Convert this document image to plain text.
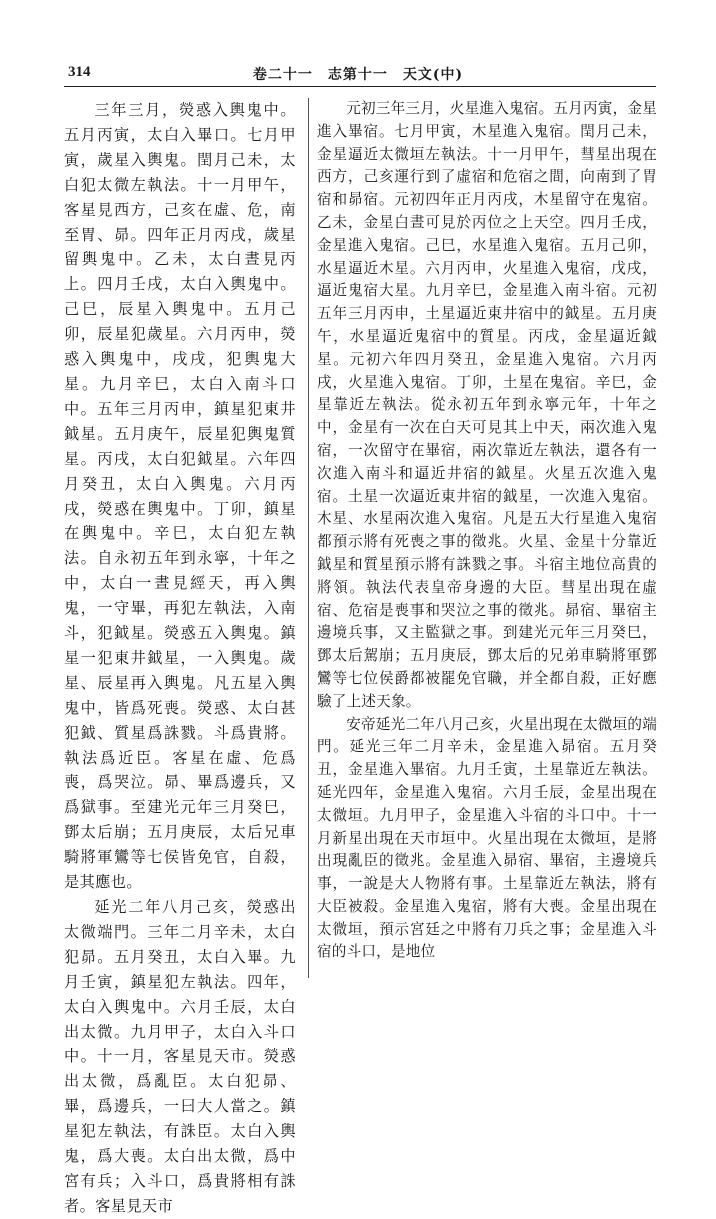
314	卷二十一　志第十一　天文(中)

三年三月，熒惑入輿鬼中。五月丙寅，太白入畢口。七月甲寅，歲星入輿鬼。閏月己未，太白犯太微左執法。十一月甲午，客星見西方，己亥在虛、危，南至胃、昴。四年正月丙戌，歲星留輿鬼中。乙未，太白晝見丙上。四月壬戌，太白入輿鬼中。己巳，辰星入輿鬼中。五月己卯，辰星犯歲星。六月丙申，熒惑入輿鬼中，戌戌，犯輿鬼大星。九月辛巳，太白入南斗口中。五年三月丙申，鎮星犯東井鉞星。五月庚午，辰星犯輿鬼質星。丙戌，太白犯鉞星。六年四月癸丑，太白入輿鬼。六月丙戌，熒惑在輿鬼中。丁卯，鎮星在輿鬼中。辛巳，太白犯左執法。自永初五年到永寧，十年之中，太白一晝見經天，再入輿鬼，一守畢，再犯左執法，入南斗，犯鉞星。熒惑五入輿鬼。鎮星一犯東井鉞星，一入輿鬼。歲星、辰星再入輿鬼。凡五星入輿鬼中，皆爲死喪。熒惑、太白甚犯鉞、質星爲誅戮。斗爲貴將。執法爲近臣。客星在虛、危爲喪，爲哭泣。昴、畢爲邊兵，又爲獄事。至建光元年三月癸巳，鄧太后崩；五月庚辰，太后兄車騎將軍鸞等七侯皆免官，自殺，是其應也。

延光二年八月己亥，熒惑出太微端門。三年二月辛未，太白犯昴。五月癸丑，太白入畢。九月壬寅，鎮星犯左執法。四年，太白入輿鬼中。六月壬辰，太白出太微。九月甲子，太白入斗口中。十一月，客星見天市。熒惑出太微，爲亂臣。太白犯昴、畢，爲邊兵，一曰大人當之。鎮星犯左執法，有誅臣。太白入輿鬼，爲大喪。太白出太微，爲中宮有兵；入斗口，爲貴將相有誅者。客星見天市

元初三年三月，火星進入鬼宿。五月丙寅，金星進入畢宿。七月甲寅，木星進入鬼宿。閏月己未，金星逼近太微垣左執法。十一月甲午，彗星出現在西方，己亥運行到了虛宿和危宿之間，向南到了胃宿和昴宿。元初四年正月丙戌，木星留守在鬼宿。乙未，金星白晝可見於丙位之上天空。四月壬戌，金星進入鬼宿。己巳，水星進入鬼宿。五月己卯，水星逼近木星。六月丙申，火星進入鬼宿，戊戌，逼近鬼宿大星。九月辛巳，金星進入南斗宿。元初五年三月丙申，土星逼近東井宿中的鉞星。五月庚午，水星逼近鬼宿中的質星。丙戌，金星逼近鉞星。元初六年四月癸丑，金星進入鬼宿。六月丙戌，火星進入鬼宿。丁卯，土星在鬼宿。辛巳，金星靠近左執法。從永初五年到永寧元年，十年之中，金星有一次在白天可見其上中天，兩次進入鬼宿，一次留守在畢宿，兩次靠近左執法，還各有一次進入南斗和逼近井宿的鉞星。火星五次進入鬼宿。土星一次逼近東井宿的鉞星，一次進入鬼宿。木星、水星兩次進入鬼宿。凡是五大行星進入鬼宿都預示將有死喪之事的徵兆。火星、金星十分靠近鉞星和質星預示將有誅戮之事。斗宿主地位高貴的將領。執法代表皇帝身邊的大臣。彗星出現在虛宿、危宿是喪事和哭泣之事的徵兆。昴宿、畢宿主邊境兵事，又主監獄之事。到建光元年三月癸巳，鄧太后駕崩；五月庚辰，鄧太后的兄弟車騎將軍鄧鸞等七位侯爵都被罷免官職，并全都自殺，正好應驗了上述天象。

安帝延光二年八月己亥，火星出現在太微垣的端門。延光三年二月辛未，金星進入昴宿。五月癸丑，金星進入畢宿。九月壬寅，土星靠近左執法。延光四年，金星進入鬼宿。六月壬辰，金星出現在太微垣。九月甲子，金星進入斗宿的斗口中。十一月新星出現在天市垣中。火星出現在太微垣，是將出現亂臣的徵兆。金星進入昴宿、畢宿，主邊境兵事，一說是大人物將有事。土星靠近左執法，將有大臣被殺。金星進入鬼宿，將有大喪。金星出現在太微垣，預示宮廷之中將有刀兵之事；金星進入斗宿的斗口，是地位
